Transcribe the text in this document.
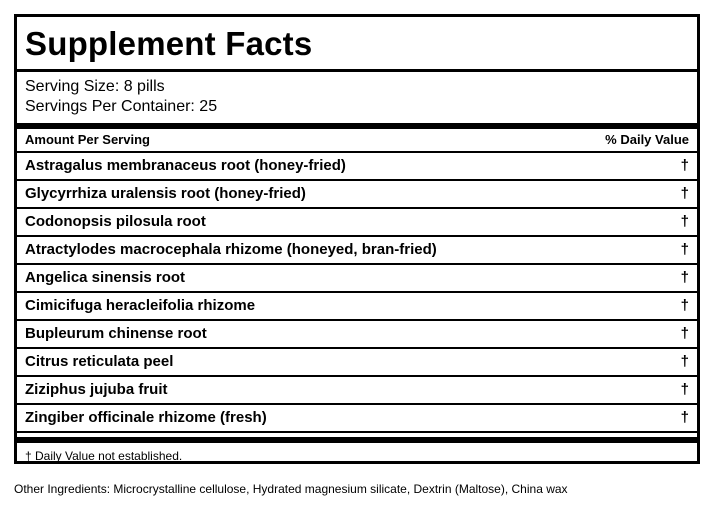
Supplement Facts
Serving Size: 8 pills
Servings Per Container: 25
Amount Per Serving	% Daily Value
Astragalus membranaceus root (honey-fried)	†
Glycyrrhiza uralensis root (honey-fried)	†
Codonopsis pilosula root	†
Atractylodes macrocephala rhizome (honeyed, bran-fried)	†
Angelica sinensis root	†
Cimicifuga heracleifolia rhizome	†
Bupleurum chinense root	†
Citrus reticulata peel	†
Ziziphus jujuba fruit	†
Zingiber officinale rhizome (fresh)	†
† Daily Value not established.
Other Ingredients: Microcrystalline cellulose, Hydrated magnesium silicate, Dextrin (Maltose), China wax
